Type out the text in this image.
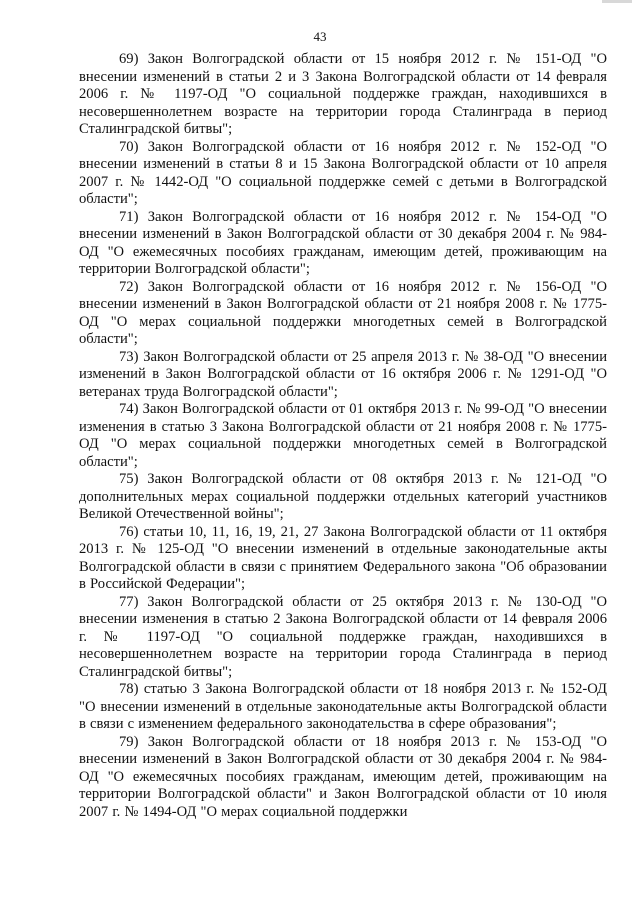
43

69) Закон Волгоградской области от 15 ноября 2012 г. № 151-ОД "О внесении изменений в статьи 2 и 3 Закона Волгоградской области от 14 февраля 2006 г. № 1197-ОД "О социальной поддержке граждан, находившихся в несовершеннолетнем возрасте на территории города Сталинграда в период Сталинградской битвы";

70) Закон Волгоградской области от 16 ноября 2012 г. № 152-ОД "О внесении изменений в статьи 8 и 15 Закона Волгоградской области от 10 апреля 2007 г. № 1442-ОД "О социальной поддержке семей с детьми в Волгоградской области";

71) Закон Волгоградской области от 16 ноября 2012 г. № 154-ОД "О внесении изменений в Закон Волгоградской области от 30 декабря 2004 г. № 984-ОД "О ежемесячных пособиях гражданам, имеющим детей, проживающим на территории Волгоградской области";

72) Закон Волгоградской области от 16 ноября 2012 г. № 156-ОД "О внесении изменений в Закон Волгоградской области от 21 ноября 2008 г. № 1775-ОД "О мерах социальной поддержки многодетных семей в Волгоградской области";

73) Закон Волгоградской области от 25 апреля 2013 г. № 38-ОД "О внесении изменений в Закон Волгоградской области от 16 октября 2006 г. № 1291-ОД "О ветеранах труда Волгоградской области";

74) Закон Волгоградской области от 01 октября 2013 г. № 99-ОД "О внесении изменения в статью 3 Закона Волгоградской области от 21 ноября 2008 г. № 1775-ОД "О мерах социальной поддержки многодетных семей в Волгоградской области";

75) Закон Волгоградской области от 08 октября 2013 г. № 121-ОД "О дополнительных мерах социальной поддержки отдельных категорий участников Великой Отечественной войны";

76) статьи 10, 11, 16, 19, 21, 27 Закона Волгоградской области от 11 октября 2013 г. № 125-ОД "О внесении изменений в отдельные законодательные акты Волгоградской области в связи с принятием Федерального закона "Об образовании в Российской Федерации";

77) Закон Волгоградской области от 25 октября 2013 г. № 130-ОД "О внесении изменения в статью 2 Закона Волгоградской области от 14 февраля 2006 г. № 1197-ОД "О социальной поддержке граждан, находившихся в несовершеннолетнем возрасте на территории города Сталинграда в период Сталинградской битвы";

78) статью 3 Закона Волгоградской области от 18 ноября 2013 г. № 152-ОД "О внесении изменений в отдельные законодательные акты Волгоградской области в связи с изменением федерального законодательства в сфере образования";

79) Закон Волгоградской области от 18 ноября 2013 г. № 153-ОД "О внесении изменений в Закон Волгоградской области от 30 декабря 2004 г. № 984-ОД "О ежемесячных пособиях гражданам, имеющим детей, проживающим на территории Волгоградской области" и Закон Волгоградской области от 10 июля 2007 г. № 1494-ОД "О мерах социальной поддержки
